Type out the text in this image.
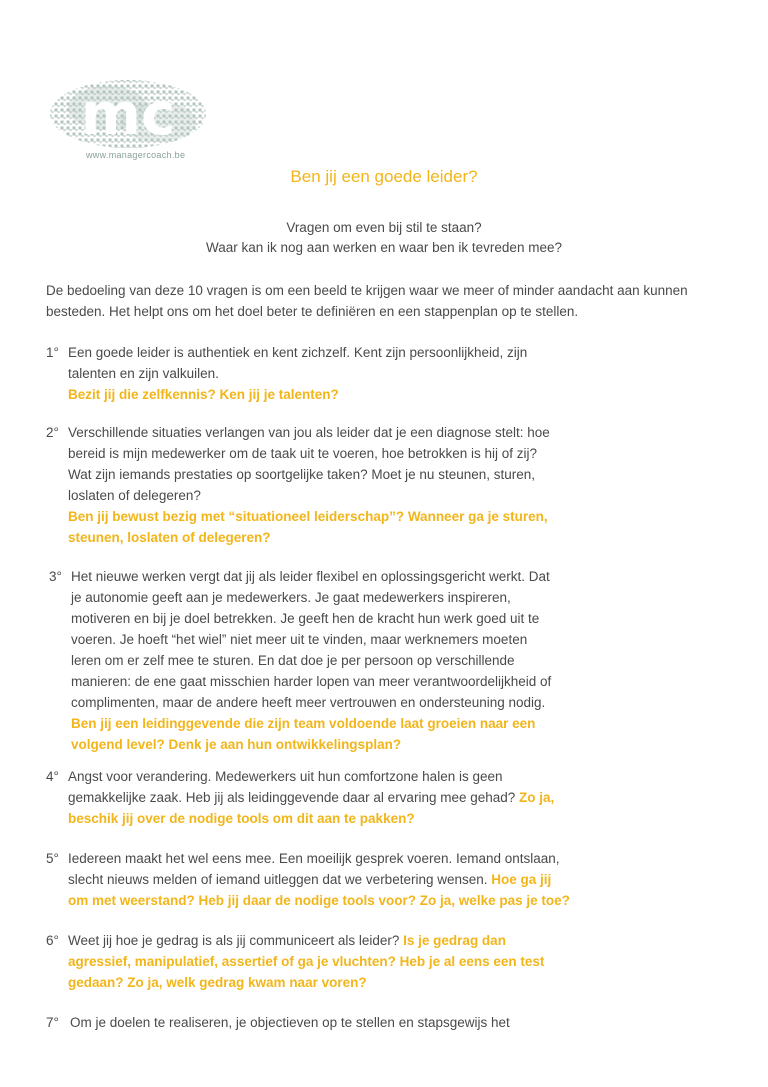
mc
www.managercoach.be
Ben jij een goede leider?
Vragen om even bij stil te staan?
Waar kan ik nog aan werken en waar ben ik tevreden mee?
De bedoeling van deze 10 vragen is om een beeld te krijgen waar we meer of minder aandacht aan kunnen
besteden. Het helpt ons om het doel beter te definiëren en een stappenplan op te stellen.
1° Een goede leider is authentiek en kent zichzelf. Kent zijn persoonlijkheid, zijn
talenten en zijn valkuilen.
Bezit jij die zelfkennis? Ken jij je talenten?
2° Verschillende situaties verlangen van jou als leider dat je een diagnose stelt: hoe
bereid is mijn medewerker om de taak uit te voeren, hoe betrokken is hij of zij?
Wat zijn iemands prestaties op soortgelijke taken? Moet je nu steunen, sturen,
loslaten of delegeren?
Ben jij bewust bezig met “situationeel leiderschap”? Wanneer ga je sturen,
steunen, loslaten of delegeren?
3° Het nieuwe werken vergt dat jij als leider flexibel en oplossingsgericht werkt. Dat
je autonomie geeft aan je medewerkers. Je gaat medewerkers inspireren,
motiveren en bij je doel betrekken. Je geeft hen de kracht hun werk goed uit te
voeren. Je hoeft “het wiel” niet meer uit te vinden, maar werknemers moeten
leren om er zelf mee te sturen. En dat doe je per persoon op verschillende
manieren: de ene gaat misschien harder lopen van meer verantwoordelijkheid of
complimenten, maar de andere heeft meer vertrouwen en ondersteuning nodig.
Ben jij een leidinggevende die zijn team voldoende laat groeien naar een
volgend level? Denk je aan hun ontwikkelingsplan?
4° Angst voor verandering. Medewerkers uit hun comfortzone halen is geen
gemakkelijke zaak. Heb jij als leidinggevende daar al ervaring mee gehad? Zo ja,
beschik jij over de nodige tools om dit aan te pakken?
5° Iedereen maakt het wel eens mee. Een moeilijk gesprek voeren. Iemand ontslaan,
slecht nieuws melden of iemand uitleggen dat we verbetering wensen. Hoe ga jij
om met weerstand? Heb jij daar de nodige tools voor? Zo ja, welke pas je toe?
6° Weet jij hoe je gedrag is als jij communiceert als leider? Is je gedrag dan
agressief, manipulatief, assertief of ga je vluchten? Heb je al eens een test
gedaan? Zo ja, welk gedrag kwam naar voren?
7° Om je doelen te realiseren, je objectieven op te stellen en stapsgewijs het
